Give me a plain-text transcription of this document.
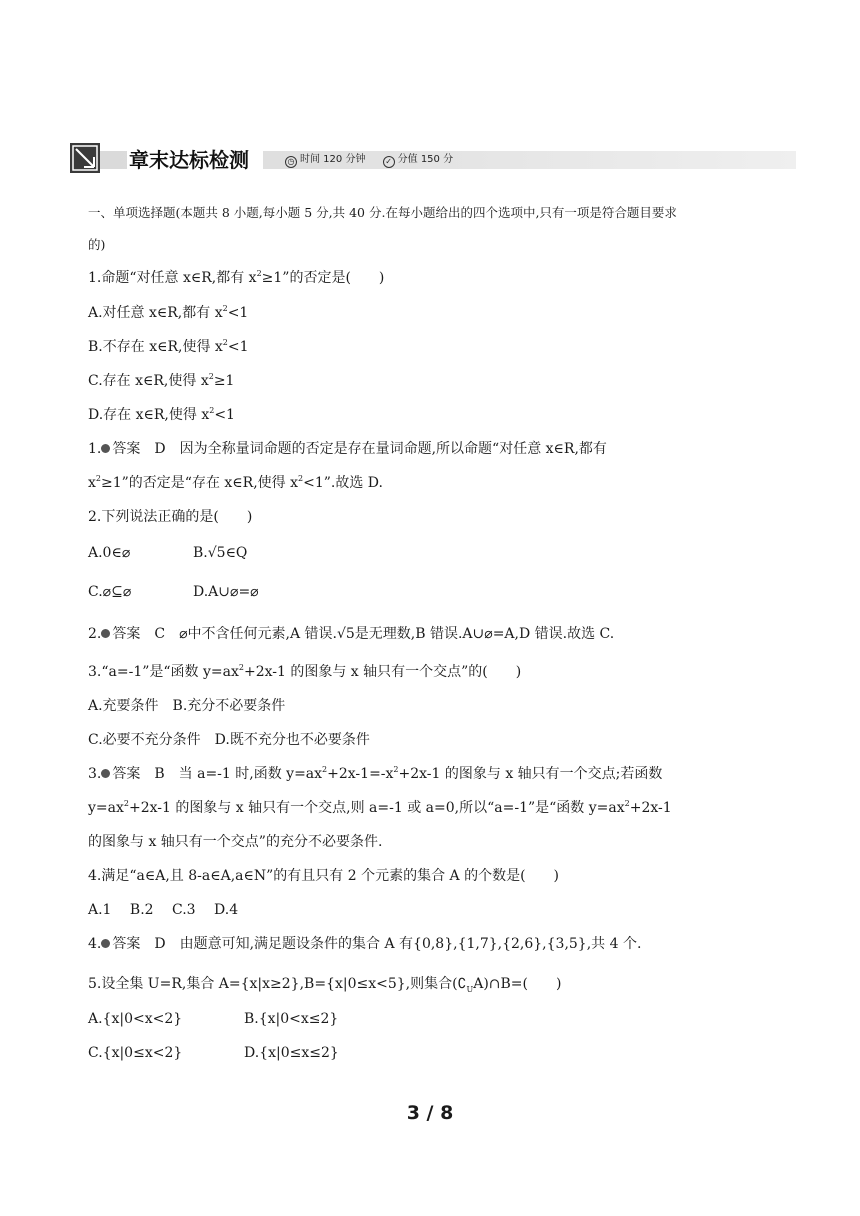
章末达标检测	◷ 时间 120 分钟 ✓ 分值 150 分
一、单项选择题(本题共 8 小题,每小题 5 分,共 40 分.在每小题给出的四个选项中,只有一项是符合题目要求
的)
1.命题“对任意 x∈R,都有 $x^2\ge 1$”的否定是(　　)
A.对任意 x∈R,都有 $x^2<1$
B.不存在 x∈R,使得 $x^2<1$
C.存在 x∈R,使得 $x^2\ge 1$
D.存在 x∈R,使得 $x^2<1$
1. 答案　D　因为全称量词命题的否定是存在量词命题,所以命题“对任意 x∈R,都有
$x^2\ge 1$”的否定是“存在 x∈R,使得 $x^2<1$”.故选 D.
2.下列说法正确的是(　　)
A.0∈⌀	B.√5∈Q
C.⌀⊆⌀	D.A∪⌀=⌀
2. 答案　C　⌀中不含任何元素,A 错误.√5是无理数,B 错误.A∪⌀=A,D 错误.故选 C.
3.“a=-1”是“函数 $y=ax^2+2x-1$ 的图象与 x 轴只有一个交点”的(　　)
A.充要条件　B.充分不必要条件
C.必要不充分条件　D.既不充分也不必要条件
3. 答案　B　当 a=-1 时,函数 $y=ax^2+2x-1=-x^2+2x-1$ 的图象与 x 轴只有一个交点;若函数
$y=ax^2+2x-1$ 的图象与 x 轴只有一个交点,则 a=-1 或 a=0,所以“a=-1”是“函数 $y=ax^2+2x-1$
的图象与 x 轴只有一个交点”的充分不必要条件.
4.满足“a∈A,且 8-a∈A,a∈N”的有且只有 2 个元素的集合 A 的个数是(　　)
A.1　 B.2　 C.3　 D.4
4. 答案　D　由题意可知,满足题设条件的集合 A 有{0,8},{1,7},{2,6},{3,5},共 4 个.
5.设全集 U=R,集合 A={x|x≥2},B={x|0≤x<5},则集合$(∁_UA)\cap B=$(　　)
A.{x|0<x<2}	B.{x|0<x≤2}
C.{x|0≤x<2}	D.{x|0≤x≤2}
3 / 8
